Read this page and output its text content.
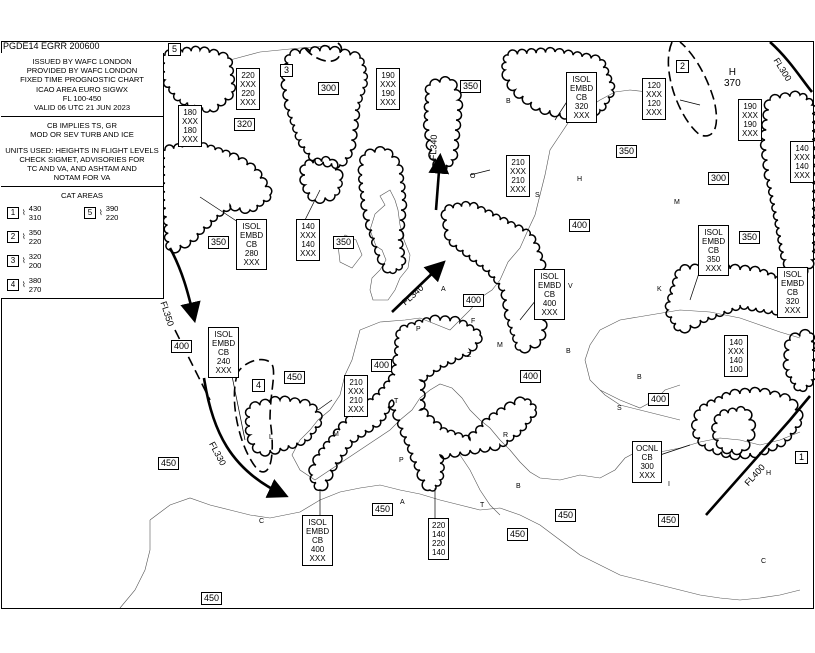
PGDE14 EGRR 200600
ISSUED BY WAFC LONDON
PROVIDED BY WAFC LONDON
FIXED TIME PROGNOSTIC CHART
ICAO AREA EURO SIGWX
FL 100-450
VALID 06 UTC 21 JUN 2023
CB IMPLIES TS, GR
MOD OR SEV TURB AND ICE
UNITS USED: HEIGHTS IN FLIGHT LEVELS
CHECK SIGMET, ADVISORIES FOR
TC AND VA, AND ASHTAM AND
NOTAM FOR VA
CAT AREAS
1 ⌇ 430
310
5 ⌇ 390
220
2 ⌇ 350
220
3 ⌇ 320
200
4 ⌇ 380
270
180
XXX
180
XXX
220
XXX
220
XXX
190
XXX
190
XXX
ISOL
EMBD
CB
320
XXX
120
XXX
120
XXX
190
XXX
190
XXX
140
XXX
140
XXX
210
XXX
210
XXX
ISOL
EMBD
CB
280
XXX
140
XXX
140
XXX
ISOL
EMBD
CB
400
XXX
ISOL
EMBD
CB
350
XXX
ISOL
EMBD
CB
320
XXX
ISOL
EMBD
CB
240
XXX
210
XXX
210
XXX
140
XXX
140
100
OCNL
CB
300
XXX
ISOL
EMBD
CB
400
XXX
220
140
220
140
300	350
320
350
350
300
H
370
350
400
400
400
400
400
400
350
450
450
450	450
450
450
450
5
3	2
4
1
FL340
FL340
FL350
FL330
FL400
FL300
B
S
H
M
K
V
A
P
F
Z
M
B
B
S
T
R
L
P
T
M
C
A
B
C
O
I
H
